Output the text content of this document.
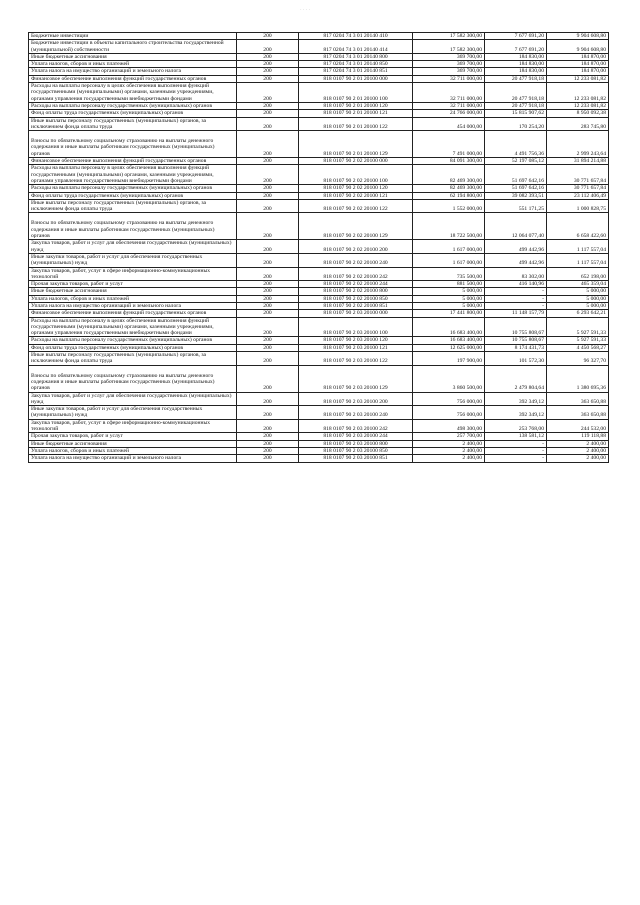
· · · ·
Бюджетные инвестиции	200	817 0204 74 3 01 20140 410	17 582 300,00	7 677 691,20	9 904 608,80
Бюджетные инвестиции в объекты капитального строительства государственной (муниципальной) собственности	200	817 0204 74 3 01 20140 414	17 582 300,00	7 677 691,20	9 904 608,80
Иные бюджетные ассигнования	200	817 0204 74 3 01 20140 800	369 700,00	184 830,00	184 870,00
Уплата налогов, сборов и иных платежей	200	817 0204 74 3 01 20140 850	369 700,00	184 830,00	184 870,00
Уплата налога на имущество организаций и земельного налога	200	817 0204 74 3 01 20140 851	369 700,00	184 830,00	184 870,00
Финансовое обеспечение выполнения функций государственных органов	200	818 0107 90 2 01 20100 000	32 711 000,00	20 477 918,18	12 233 081,82
Расходы на выплаты персоналу в целях обеспечения выполнения функций государственными (муниципальными) органами, казенными учреждениями, органами управления государственными внебюджетными фондами	200	818 0107 90 2 01 20100 100	32 711 000,00	20 477 918,18	12 233 081,82
Расходы на выплаты персоналу государственных (муниципальных) органов	200	818 0107 90 2 01 20100 120	32 711 000,00	20 477 918,18	12 233 081,82
Фонд оплаты труда государственных (муниципальных) органов	200	818 0107 90 2 01 20100 121	24 766 000,00	15 815 907,62	8 950 092,38
Иные выплаты персоналу государственных (муниципальных) органов, за исключением фонда оплаты труда	200	818 0107 90 2 01 20100 122	454 000,00	170 254,20	283 745,80
Взносы по обязательному социальному страхованию на выплаты денежного содержания и иные выплаты работникам государственных (муниципальных) органов	200	818 0107 90 2 01 20100 129	7 491 000,00	4 491 756,36	2 999 243,64
Финансовое обеспечение выполнения функций государственных органов	200	818 0107 90 2 02 20100 000	84 091 300,00	52 197 085,12	31 894 214,88
Расходы на выплаты персоналу в целях обеспечения выполнения функций государственными (муниципальными) органами, казенными учреждениями, органами управления государственными внебюджетными фондами	200	818 0107 90 2 02 20100 100	82 469 300,00	51 697 642,16	30 771 657,84
Расходы на выплаты персоналу государственных (муниципальных) органов	200	818 0107 90 2 02 20100 120	82 469 300,00	51 697 642,16	30 771 657,84
Фонд оплаты труда государственных (муниципальных) органов	200	818 0107 90 2 02 20100 121	62 194 800,00	39 082 393,51	23 112 406,49
Иные выплаты персоналу государственных (муниципальных) органов, за исключением фонда оплаты труда	200	818 0107 90 2 02 20100 122	1 552 000,00	551 171,25	1 000 828,75
Взносы по обязательному социальному страхованию на выплаты денежного содержания и иные выплаты работникам государственных (муниципальных) органов	200	818 0107 90 2 02 20100 129	18 722 500,00	12 064 077,40	6 658 422,60
Закупка товаров, работ и услуг для обеспечения государственных (муниципальных) нужд	200	818 0107 90 2 02 20100 200	1 617 000,00	499 442,96	1 117 557,04
Иные закупки товаров, работ и услуг для обеспечения государственных (муниципальных) нужд	200	818 0107 90 2 02 20100 240	1 617 000,00	499 442,96	1 117 557,04
Закупка товаров, работ, услуг в сфере информационно-коммуникационных технологий	200	818 0107 90 2 02 20100 242	735 500,00	83 302,00	652 198,00
Прочая закупка товаров, работ и услуг	200	818 0107 90 2 02 20100 244	881 500,00	416 140,96	465 359,04
Иные бюджетные ассигнования	200	818 0107 90 2 02 20100 800	5 000,00	-	5 000,00
Уплата налогов, сборов и иных платежей	200	818 0107 90 2 02 20100 850	5 000,00	-	5 000,00
Уплата налога на имущество организаций и земельного налога	200	818 0107 90 2 02 20100 851	5 000,00	-	5 000,00
Финансовое обеспечение выполнения функций государственных органов	200	818 0107 90 2 03 20100 000	17 441 800,00	11 148 157,79	6 293 642,21
Расходы на выплаты персоналу в целях обеспечения выполнения функций государственными (муниципальными) органами, казенными учреждениями, органами управления государственными внебюджетными фондами	200	818 0107 90 2 03 20100 100	16 683 400,00	10 755 808,67	5 927 591,33
Расходы на выплаты персоналу государственных (муниципальных) органов	200	818 0107 90 2 03 20100 120	16 683 400,00	10 755 808,67	5 927 591,33
Фонд оплаты труда государственных (муниципальных) органов	200	818 0107 90 2 03 20100 121	12 625 000,00	8 174 431,73	4 450 568,27
Иные выплаты персоналу государственных (муниципальных) органов, за исключением фонда оплаты труда	200	818 0107 90 2 03 20100 122	197 900,00	101 572,30	96 327,70
Взносы по обязательному социальному страхованию на выплаты денежного содержания и иные выплаты работникам государственных (муниципальных) органов	200	818 0107 90 2 03 20100 129	3 860 500,00	2 479 804,64	1 380 695,36
Закупка товаров, работ и услуг для обеспечения государственных (муниципальных) нужд	200	818 0107 90 2 03 20100 200	756 000,00	392 349,12	363 650,88
Иные закупки товаров, работ и услуг для обеспечения государственных (муниципальных) нужд	200	818 0107 90 2 03 20100 240	756 000,00	392 349,12	363 650,88
Закупка товаров, работ, услуг в сфере информационно-коммуникационных технологий	200	818 0107 90 2 03 20100 242	498 300,00	253 768,00	244 532,00
Прочая закупка товаров, работ и услуг	200	818 0107 90 2 03 20100 244	257 700,00	138 581,12	119 118,88
Иные бюджетные ассигнования	200	818 0107 90 2 03 20100 800	2 400,00	-	2 400,00
Уплата налогов, сборов и иных платежей	200	818 0107 90 2 03 20100 850	2 400,00	-	2 400,00
Уплата налога на имущество организаций и земельного налога	200	818 0107 90 2 03 20100 851	2 400,00	-	2 400,00
